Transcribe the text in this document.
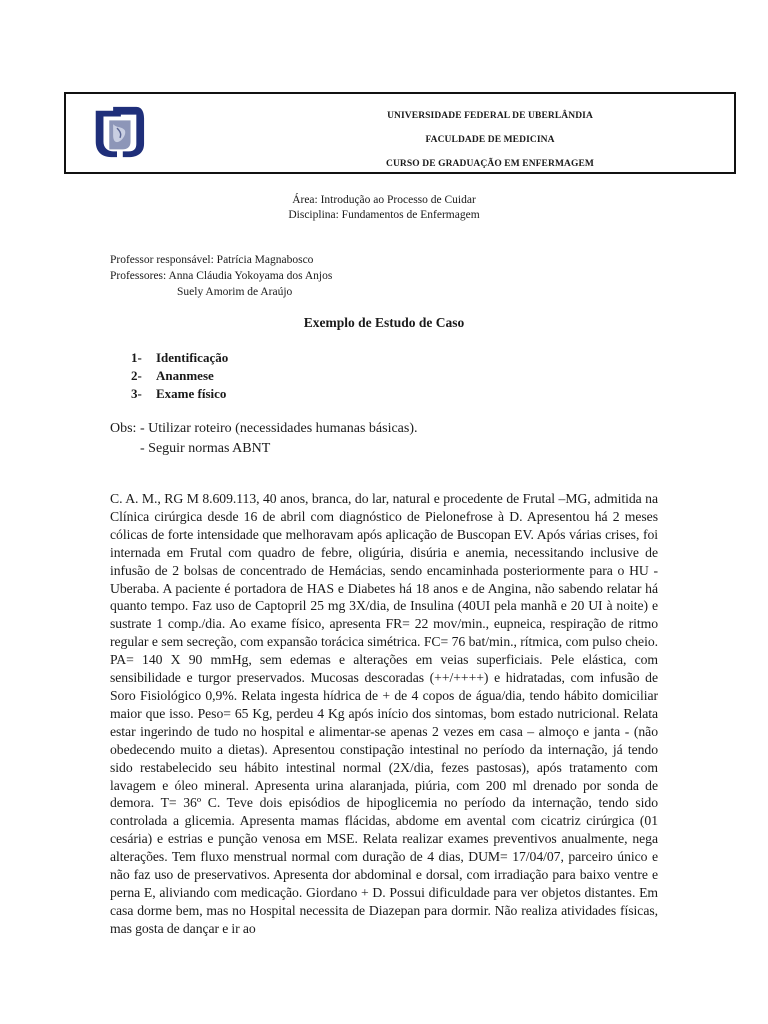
UNIVERSIDADE FEDERAL DE UBERLÂNDIA
FACULDADE DE MEDICINA
CURSO DE GRADUAÇÃO EM ENFERMAGEM
Área: Introdução ao Processo de Cuidar
Disciplina: Fundamentos de Enfermagem
Professor responsável: Patrícia Magnabosco
Professores: Anna Cláudia Yokoyama dos Anjos
Suely Amorim de Araújo
Exemplo de Estudo de Caso
1- Identificação
2- Ananmese
3- Exame físico
Obs: - Utilizar roteiro (necessidades humanas básicas).
- Seguir normas ABNT

C. A. M., RG M 8.609.113, 40 anos, branca, do lar, natural e procedente de Frutal –MG, admitida na Clínica cirúrgica desde 16 de abril com diagnóstico de Pielonefrose à D. Apresentou há 2 meses cólicas de forte intensidade que melhoravam após aplicação de Buscopan EV. Após várias crises, foi internada em Frutal com quadro de febre, oligúria, disúria e anemia, necessitando inclusive de infusão de 2 bolsas de concentrado de Hemácias, sendo encaminhada posteriormente para o HU - Uberaba. A paciente é portadora de HAS e Diabetes há 18 anos e de Angina, não sabendo relatar há quanto tempo. Faz uso de Captopril 25 mg 3X/dia, de Insulina (40UI pela manhã e 20 UI à noite) e sustrate 1 comp./dia. Ao exame físico, apresenta FR= 22 mov/min., eupneica, respiração de ritmo regular e sem secreção, com expansão torácica simétrica. FC= 76 bat/min., rítmica, com pulso cheio. PA= 140 X 90 mmHg, sem edemas e alterações em veias superficiais. Pele elástica, com sensibilidade e turgor preservados. Mucosas descoradas (++/++++) e hidratadas, com infusão de Soro Fisiológico 0,9%. Relata ingesta hídrica de + de 4 copos de água/dia, tendo hábito domiciliar maior que isso. Peso= 65 Kg, perdeu 4 Kg após início dos sintomas, bom estado nutricional. Relata estar ingerindo de tudo no hospital e alimentar-se apenas 2 vezes em casa – almoço e janta - (não obedecendo muito a dietas). Apresentou constipação intestinal no período da internação, já tendo sido restabelecido seu hábito intestinal normal (2X/dia, fezes pastosas), após tratamento com lavagem e óleo mineral. Apresenta urina alaranjada, piúria, com 200 ml drenado por sonda de demora. T= 36º C. Teve dois episódios de hipoglicemia no período da internação, tendo sido controlada a glicemia. Apresenta mamas flácidas, abdome em avental com cicatriz cirúrgica (01 cesária) e estrias e punção venosa em MSE. Relata realizar exames preventivos anualmente, nega alterações. Tem fluxo menstrual normal com duração de 4 dias, DUM= 17/04/07, parceiro único e não faz uso de preservativos. Apresenta dor abdominal e dorsal, com irradiação para baixo ventre e perna E, aliviando com medicação. Giordano + D. Possui dificuldade para ver objetos distantes. Em casa dorme bem, mas no Hospital necessita de Diazepan para dormir. Não realiza atividades físicas, mas gosta de dançar e ir ao
